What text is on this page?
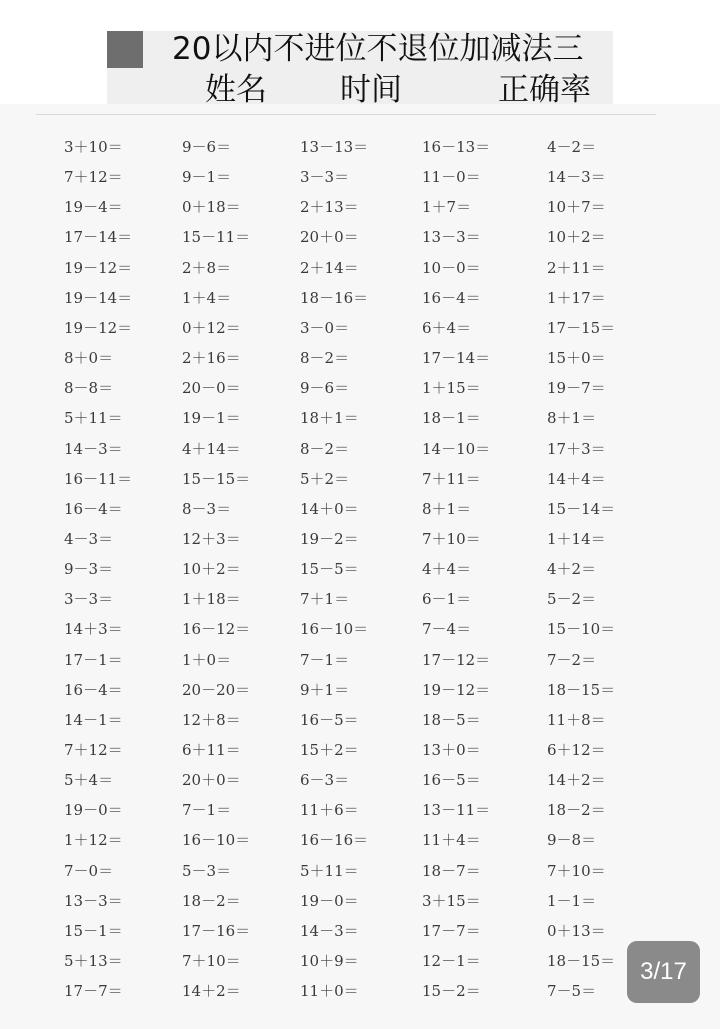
20以内不进位不退位加减法三
姓名 时间	正确率
3＋10＝	9－6＝	13－13＝	16－13＝	4－2＝
7＋12＝	9－1＝	3－3＝	11－0＝	14－3＝
19－4＝	0＋18＝	2＋13＝	1＋7＝	10＋7＝
17－14＝	15－11＝	20＋0＝	13－3＝	10＋2＝
19－12＝	2＋8＝	2＋14＝	10－0＝	2＋11＝
19－14＝	1＋4＝	18－16＝	16－4＝	1＋17＝
19－12＝	0＋12＝	3－0＝	6＋4＝	17－15＝
8＋0＝	2＋16＝	8－2＝	17－14＝	15＋0＝
8－8＝	20－0＝	9－6＝	1＋15＝	19－7＝
5＋11＝	19－1＝	18＋1＝	18－1＝	8＋1＝
14－3＝	4＋14＝	8－2＝	14－10＝	17＋3＝
16－11＝	15－15＝	5＋2＝	7＋11＝	14＋4＝
16－4＝	8－3＝	14＋0＝	8＋1＝	15－14＝
4－3＝	12＋3＝	19－2＝	7＋10＝	1＋14＝
9－3＝	10＋2＝	15－5＝	4＋4＝	4＋2＝
3－3＝	1＋18＝	7＋1＝	6－1＝	5－2＝
14＋3＝	16－12＝	16－10＝	7－4＝	15－10＝
17－1＝	1＋0＝	7－1＝	17－12＝	7－2＝
16－4＝	20－20＝	9＋1＝	19－12＝	18－15＝
14－1＝	12＋8＝	16－5＝	18－5＝	11＋8＝
7＋12＝	6＋11＝	15＋2＝	13＋0＝	6＋12＝
5＋4＝	20＋0＝	6－3＝	16－5＝	14＋2＝
19－0＝	7－1＝	11＋6＝	13－11＝	18－2＝
1＋12＝	16－10＝	16－16＝	11＋4＝	9－8＝
7－0＝	5－3＝	5＋11＝	18－7＝	7＋10＝
13－3＝	18－2＝	19－0＝	3＋15＝	1－1＝
15－1＝	17－16＝	14－3＝	17－7＝	0＋13＝
5＋13＝	7＋10＝	10＋9＝	12－1＝	18－15＝
17－7＝	14＋2＝	11＋0＝	15－2＝	7－5＝
3/17
